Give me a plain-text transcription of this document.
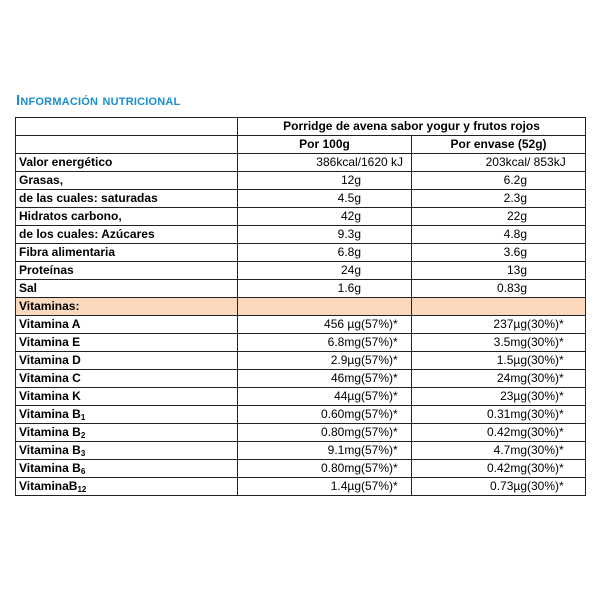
Información nutricional
	Porridge de avena sabor yogur y frutos rojos	
	Por 100g	Por envase (52g)
Valor energético	386kcal/1620 kJ	203kcal/ 853kJ
Grasas,	12g	6.2g
de las cuales: saturadas	4.5g	2.3g
Hidratos carbono,	42g	22g
de los cuales: Azúcares	9.3g	4.8g
Fibra alimentaria	6.8g	3.6g
Proteínas	24g	13g
Sal	1.6g	0.83g
Vitaminas:		
Vitamina A	456 µg(57%)*	237µg(30%)*
Vitamina E	6.8mg(57%)*	3.5mg(30%)*
Vitamina D	2.9µg(57%)*	1.5µg(30%)*
Vitamina C	46mg(57%)*	24mg(30%)*
Vitamina K	44µg(57%)*	23µg(30%)*
Vitamina $B_1$	0.60mg(57%)*	0.31mg(30%)*
Vitamina $B_2$	0.80mg(57%)*	0.42mg(30%)*
Vitamina $B_3$	9.1mg(57%)*	4.7mg(30%)*
Vitamina $B_6$	0.80mg(57%)*	0.42mg(30%)*
VitaminaB$_{12}$	1.4µg(57%)*	0.73µg(30%)*
